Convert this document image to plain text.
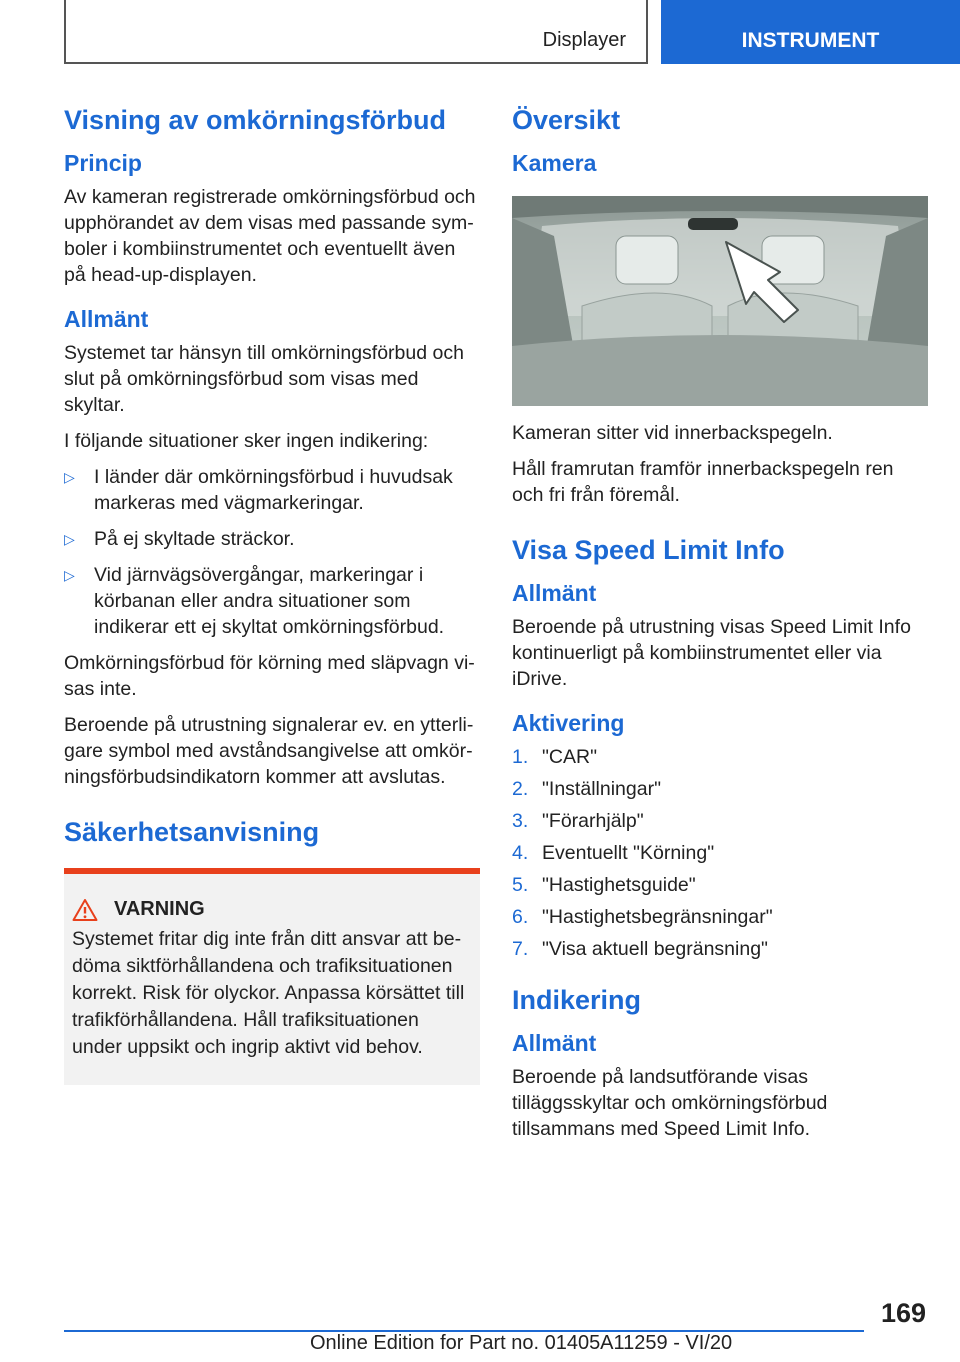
Displayer	INSTRUMENT
Visning av omkörningsförbud
Princip

Av kameran registrerade omkörningsförbud och upphörandet av dem visas med passande symboler i kombiinstrumentet och eventuellt även på head-up-displayen.

Allmänt

Systemet tar hänsyn till omkörningsförbud och slut på omkörningsförbud som visas med skyltar.

I följande situationer sker ingen indikering:

▷ I länder där omkörningsförbud i huvudsak markeras med vägmarkeringar.
▷ På ej skyltade sträckor.
▷ Vid järnvägsövergångar, markeringar i körbanan eller andra situationer som indikerar ett ej skyltat omkörningsförbud.

Omkörningsförbud för körning med släpvagn visas inte.

Beroende på utrustning signalerar ev. en ytterligare symbol med avståndsangivelse att omkörningsförbudsindikatorn kommer att avslutas.

Säkerhetsanvisning
VARNING

Systemet fritar dig inte från ditt ansvar att bedöma siktförhållandena och trafiksituationen korrekt. Risk för olyckor. Anpassa körsättet till trafikförhållandena. Håll trafiksituationen under uppsikt och ingrip aktivt vid behov.

Översikt
Kamera

Kameran sitter vid innerbackspegeln.

Håll framrutan framför innerbackspegeln ren och fri från föremål.

Visa Speed Limit Info
Allmänt

Beroende på utrustning visas Speed Limit Info kontinuerligt på kombiinstrumentet eller via iDrive.

Aktivering
1. "CAR"
2. "Inställningar"
3. "Förarhjälp"
4. Eventuellt "Körning"
5. "Hastighetsguide"
6. "Hastighetsbegränsningar"
7. "Visa aktuell begränsning"
Indikering
Allmänt

Beroende på landsutförande visas tilläggsskyltar och omkörningsförbud tillsammans med Speed Limit Info.

169
Online Edition for Part no. 01405A11259 - VI/20
